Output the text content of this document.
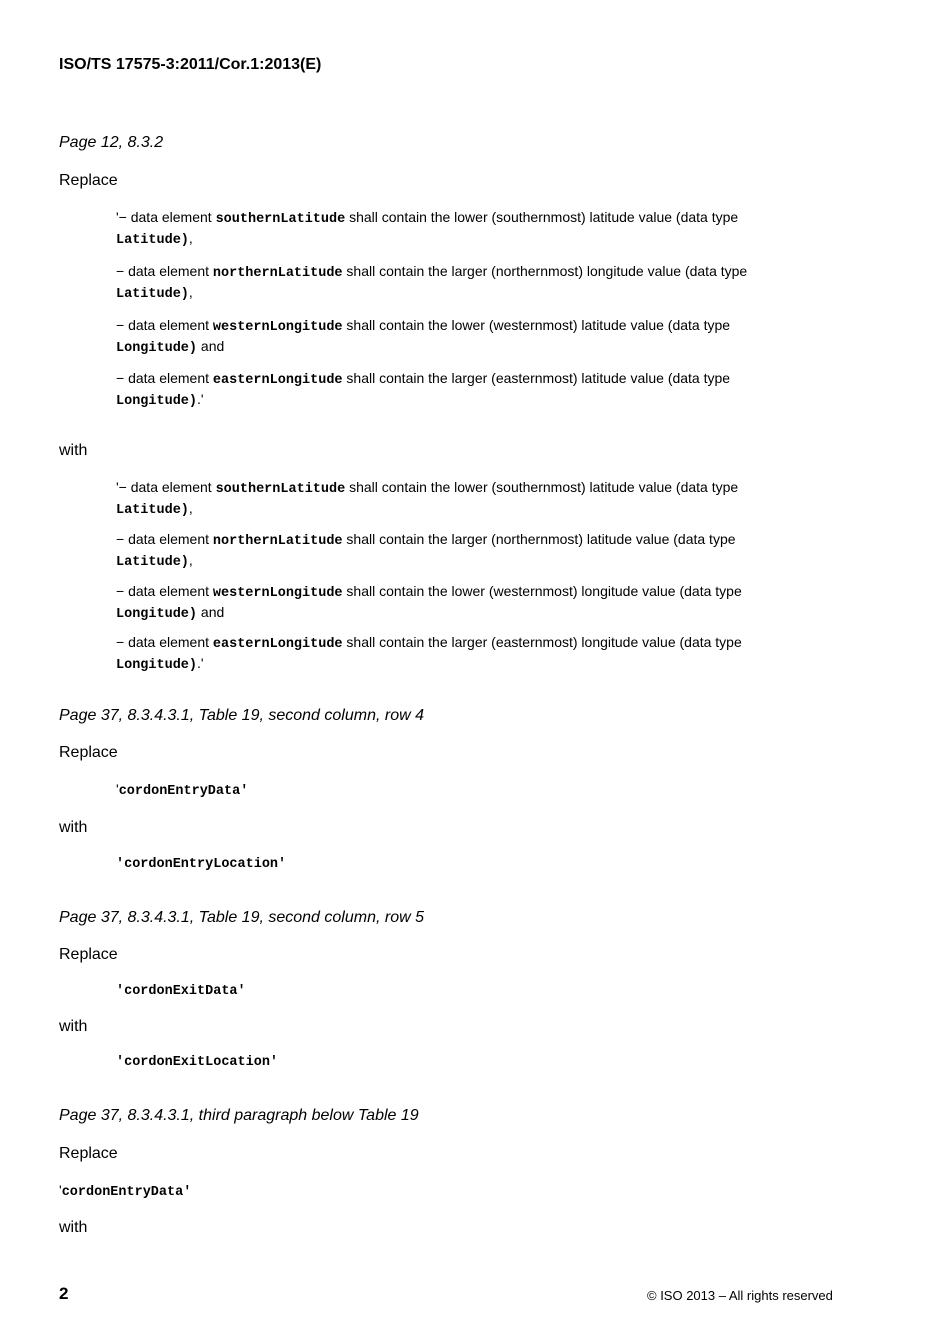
ISO/TS 17575-3:2011/Cor.1:2013(E)
Page 12, 8.3.2
Replace
'− data element southernLatitude shall contain the lower (southernmost) latitude value (data type
Latitude),
− data element northernLatitude shall contain the larger (northernmost) longitude value (data type
Latitude),
− data element westernLongitude shall contain the lower (westernmost) latitude value (data type
Longitude) and
− data element easternLongitude shall contain the larger (easternmost) latitude value (data type
Longitude).'
with
'− data element southernLatitude shall contain the lower (southernmost) latitude value (data type
Latitude),
− data element northernLatitude shall contain the larger (northernmost) latitude value (data type
Latitude),
− data element westernLongitude shall contain the lower (westernmost) longitude value (data type
Longitude) and
− data element easternLongitude shall contain the larger (easternmost) longitude value (data type
Longitude).'
Page 37, 8.3.4.3.1, Table 19, second column, row 4
Replace
'cordonEntryData'
with
'cordonEntryLocation'
Page 37, 8.3.4.3.1, Table 19, second column, row 5
Replace
'cordonExitData'
with
'cordonExitLocation'
Page 37, 8.3.4.3.1, third paragraph below Table 19
Replace
'cordonEntryData'
with
2	© ISO 2013 – All rights reserved
